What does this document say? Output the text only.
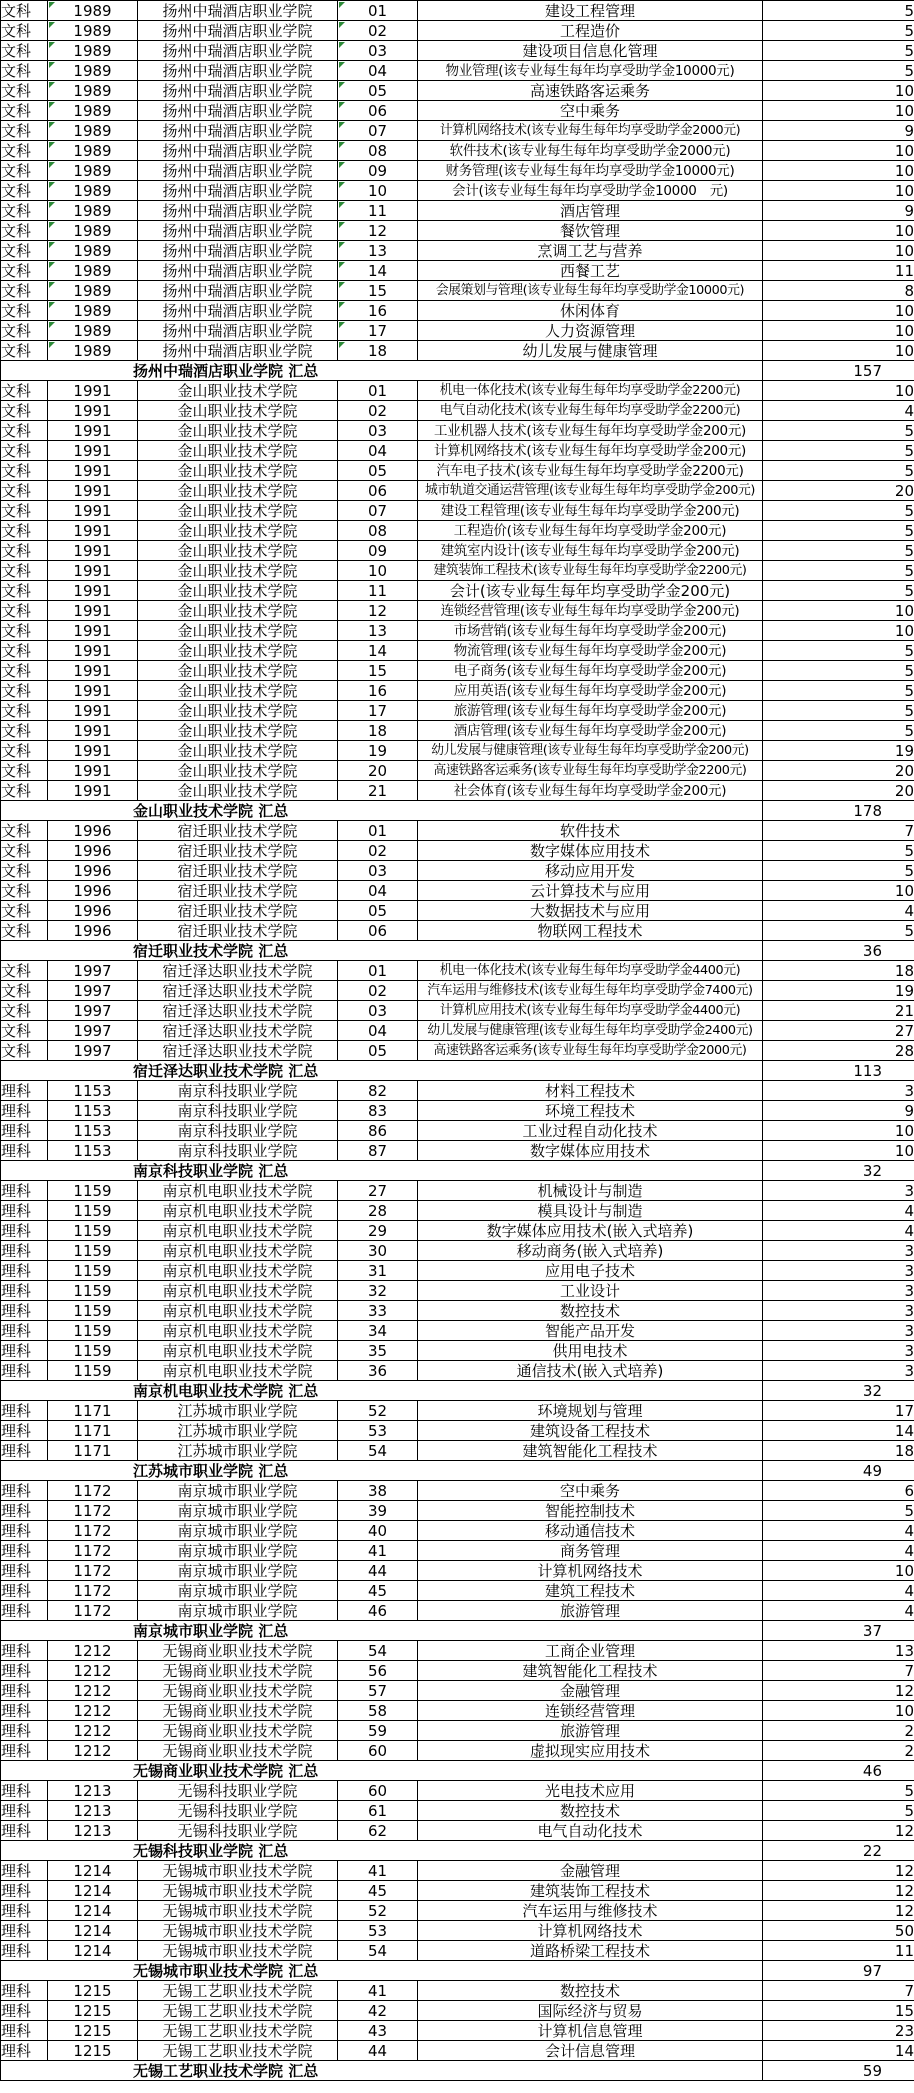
文科	1989	扬州中瑞酒店职业学院	01	建设工程管理	5
文科	1989	扬州中瑞酒店职业学院	02	工程造价	5
文科	1989	扬州中瑞酒店职业学院	03	建设项目信息化管理	5
文科	1989	扬州中瑞酒店职业学院	04	物业管理(该专业每生每年均享受助学金10000元)	5
文科	1989	扬州中瑞酒店职业学院	05	高速铁路客运乘务	10
文科	1989	扬州中瑞酒店职业学院	06	空中乘务	10
文科	1989	扬州中瑞酒店职业学院	07	计算机网络技术(该专业每生每年均享受助学金2000元)	9
文科	1989	扬州中瑞酒店职业学院	08	软件技术(该专业每生每年均享受助学金2000元)	10
文科	1989	扬州中瑞酒店职业学院	09	财务管理(该专业每生每年均享受助学金10000元)	10
文科	1989	扬州中瑞酒店职业学院	10	会计(该专业每生每年均享受助学金10000　元)	10
文科	1989	扬州中瑞酒店职业学院	11	酒店管理	9
文科	1989	扬州中瑞酒店职业学院	12	餐饮管理	10
文科	1989	扬州中瑞酒店职业学院	13	烹调工艺与营养	10
文科	1989	扬州中瑞酒店职业学院	14	西餐工艺	11
文科	1989	扬州中瑞酒店职业学院	15	会展策划与管理(该专业每生每年均享受助学金10000元)	8
文科	1989	扬州中瑞酒店职业学院	16	休闲体育	10
文科	1989	扬州中瑞酒店职业学院	17	人力资源管理	10
文科	1989	扬州中瑞酒店职业学院	18	幼儿发展与健康管理	10
扬州中瑞酒店职业学院 汇总					157
文科	1991	金山职业技术学院	01	机电一体化技术(该专业每生每年均享受助学金2200元)	10
文科	1991	金山职业技术学院	02	电气自动化技术(该专业每生每年均享受助学金2200元)	4
文科	1991	金山职业技术学院	03	工业机器人技术(该专业每生每年均享受助学金200元)	5
文科	1991	金山职业技术学院	04	计算机网络技术(该专业每生每年均享受助学金200元)	5
文科	1991	金山职业技术学院	05	汽车电子技术(该专业每生每年均享受助学金2200元)	5
文科	1991	金山职业技术学院	06	城市轨道交通运营管理(该专业每生每年均享受助学金200元)	20
文科	1991	金山职业技术学院	07	建设工程管理(该专业每生每年均享受助学金200元)	5
文科	1991	金山职业技术学院	08	工程造价(该专业每生每年均享受助学金200元)	5
文科	1991	金山职业技术学院	09	建筑室内设计(该专业每生每年均享受助学金200元)	5
文科	1991	金山职业技术学院	10	建筑装饰工程技术(该专业每生每年均享受助学金2200元)	5
文科	1991	金山职业技术学院	11	会计(该专业每生每年均享受助学金200元)	5
文科	1991	金山职业技术学院	12	连锁经营管理(该专业每生每年均享受助学金200元)	10
文科	1991	金山职业技术学院	13	市场营销(该专业每生每年均享受助学金200元)	10
文科	1991	金山职业技术学院	14	物流管理(该专业每生每年均享受助学金200元)	5
文科	1991	金山职业技术学院	15	电子商务(该专业每生每年均享受助学金200元)	5
文科	1991	金山职业技术学院	16	应用英语(该专业每生每年均享受助学金200元)	5
文科	1991	金山职业技术学院	17	旅游管理(该专业每生每年均享受助学金200元)	5
文科	1991	金山职业技术学院	18	酒店管理(该专业每生每年均享受助学金200元)	5
文科	1991	金山职业技术学院	19	幼儿发展与健康管理(该专业每生每年均享受助学金200元)	19
文科	1991	金山职业技术学院	20	高速铁路客运乘务(该专业每生每年均享受助学金2200元)	20
文科	1991	金山职业技术学院	21	社会体育(该专业每生每年均享受助学金200元)	20
金山职业技术学院 汇总					178
文科	1996	宿迁职业技术学院	01	软件技术	7
文科	1996	宿迁职业技术学院	02	数字媒体应用技术	5
文科	1996	宿迁职业技术学院	03	移动应用开发	5
文科	1996	宿迁职业技术学院	04	云计算技术与应用	10
文科	1996	宿迁职业技术学院	05	大数据技术与应用	4
文科	1996	宿迁职业技术学院	06	物联网工程技术	5
宿迁职业技术学院 汇总					36
文科	1997	宿迁泽达职业技术学院	01	机电一体化技术(该专业每生每年均享受助学金4400元)	18
文科	1997	宿迁泽达职业技术学院	02	汽车运用与维修技术(该专业每生每年均享受助学金7400元)	19
文科	1997	宿迁泽达职业技术学院	03	计算机应用技术(该专业每生每年均享受助学金4400元)	21
文科	1997	宿迁泽达职业技术学院	04	幼儿发展与健康管理(该专业每生每年均享受助学金2400元)	27
文科	1997	宿迁泽达职业技术学院	05	高速铁路客运乘务(该专业每生每年均享受助学金2000元)	28
宿迁泽达职业技术学院 汇总					113
理科	1153	南京科技职业学院	82	材料工程技术	3
理科	1153	南京科技职业学院	83	环境工程技术	9
理科	1153	南京科技职业学院	86	工业过程自动化技术	10
理科	1153	南京科技职业学院	87	数字媒体应用技术	10
南京科技职业学院 汇总					32
理科	1159	南京机电职业技术学院	27	机械设计与制造	3
理科	1159	南京机电职业技术学院	28	模具设计与制造	4
理科	1159	南京机电职业技术学院	29	数字媒体应用技术(嵌入式培养)	4
理科	1159	南京机电职业技术学院	30	移动商务(嵌入式培养)	3
理科	1159	南京机电职业技术学院	31	应用电子技术	3
理科	1159	南京机电职业技术学院	32	工业设计	3
理科	1159	南京机电职业技术学院	33	数控技术	3
理科	1159	南京机电职业技术学院	34	智能产品开发	3
理科	1159	南京机电职业技术学院	35	供用电技术	3
理科	1159	南京机电职业技术学院	36	通信技术(嵌入式培养)	3
南京机电职业技术学院 汇总					32
理科	1171	江苏城市职业学院	52	环境规划与管理	17
理科	1171	江苏城市职业学院	53	建筑设备工程技术	14
理科	1171	江苏城市职业学院	54	建筑智能化工程技术	18
江苏城市职业学院 汇总					49
理科	1172	南京城市职业学院	38	空中乘务	6
理科	1172	南京城市职业学院	39	智能控制技术	5
理科	1172	南京城市职业学院	40	移动通信技术	4
理科	1172	南京城市职业学院	41	商务管理	4
理科	1172	南京城市职业学院	44	计算机网络技术	10
理科	1172	南京城市职业学院	45	建筑工程技术	4
理科	1172	南京城市职业学院	46	旅游管理	4
南京城市职业学院 汇总					37
理科	1212	无锡商业职业技术学院	54	工商企业管理	13
理科	1212	无锡商业职业技术学院	56	建筑智能化工程技术	7
理科	1212	无锡商业职业技术学院	57	金融管理	12
理科	1212	无锡商业职业技术学院	58	连锁经营管理	10
理科	1212	无锡商业职业技术学院	59	旅游管理	2
理科	1212	无锡商业职业技术学院	60	虚拟现实应用技术	2
无锡商业职业技术学院 汇总					46
理科	1213	无锡科技职业学院	60	光电技术应用	5
理科	1213	无锡科技职业学院	61	数控技术	5
理科	1213	无锡科技职业学院	62	电气自动化技术	12
无锡科技职业学院 汇总					22
理科	1214	无锡城市职业技术学院	41	金融管理	12
理科	1214	无锡城市职业技术学院	45	建筑装饰工程技术	12
理科	1214	无锡城市职业技术学院	52	汽车运用与维修技术	12
理科	1214	无锡城市职业技术学院	53	计算机网络技术	50
理科	1214	无锡城市职业技术学院	54	道路桥梁工程技术	11
无锡城市职业技术学院 汇总					97
理科	1215	无锡工艺职业技术学院	41	数控技术	7
理科	1215	无锡工艺职业技术学院	42	国际经济与贸易	15
理科	1215	无锡工艺职业技术学院	43	计算机信息管理	23
理科	1215	无锡工艺职业技术学院	44	会计信息管理	14
无锡工艺职业技术学院 汇总					59
